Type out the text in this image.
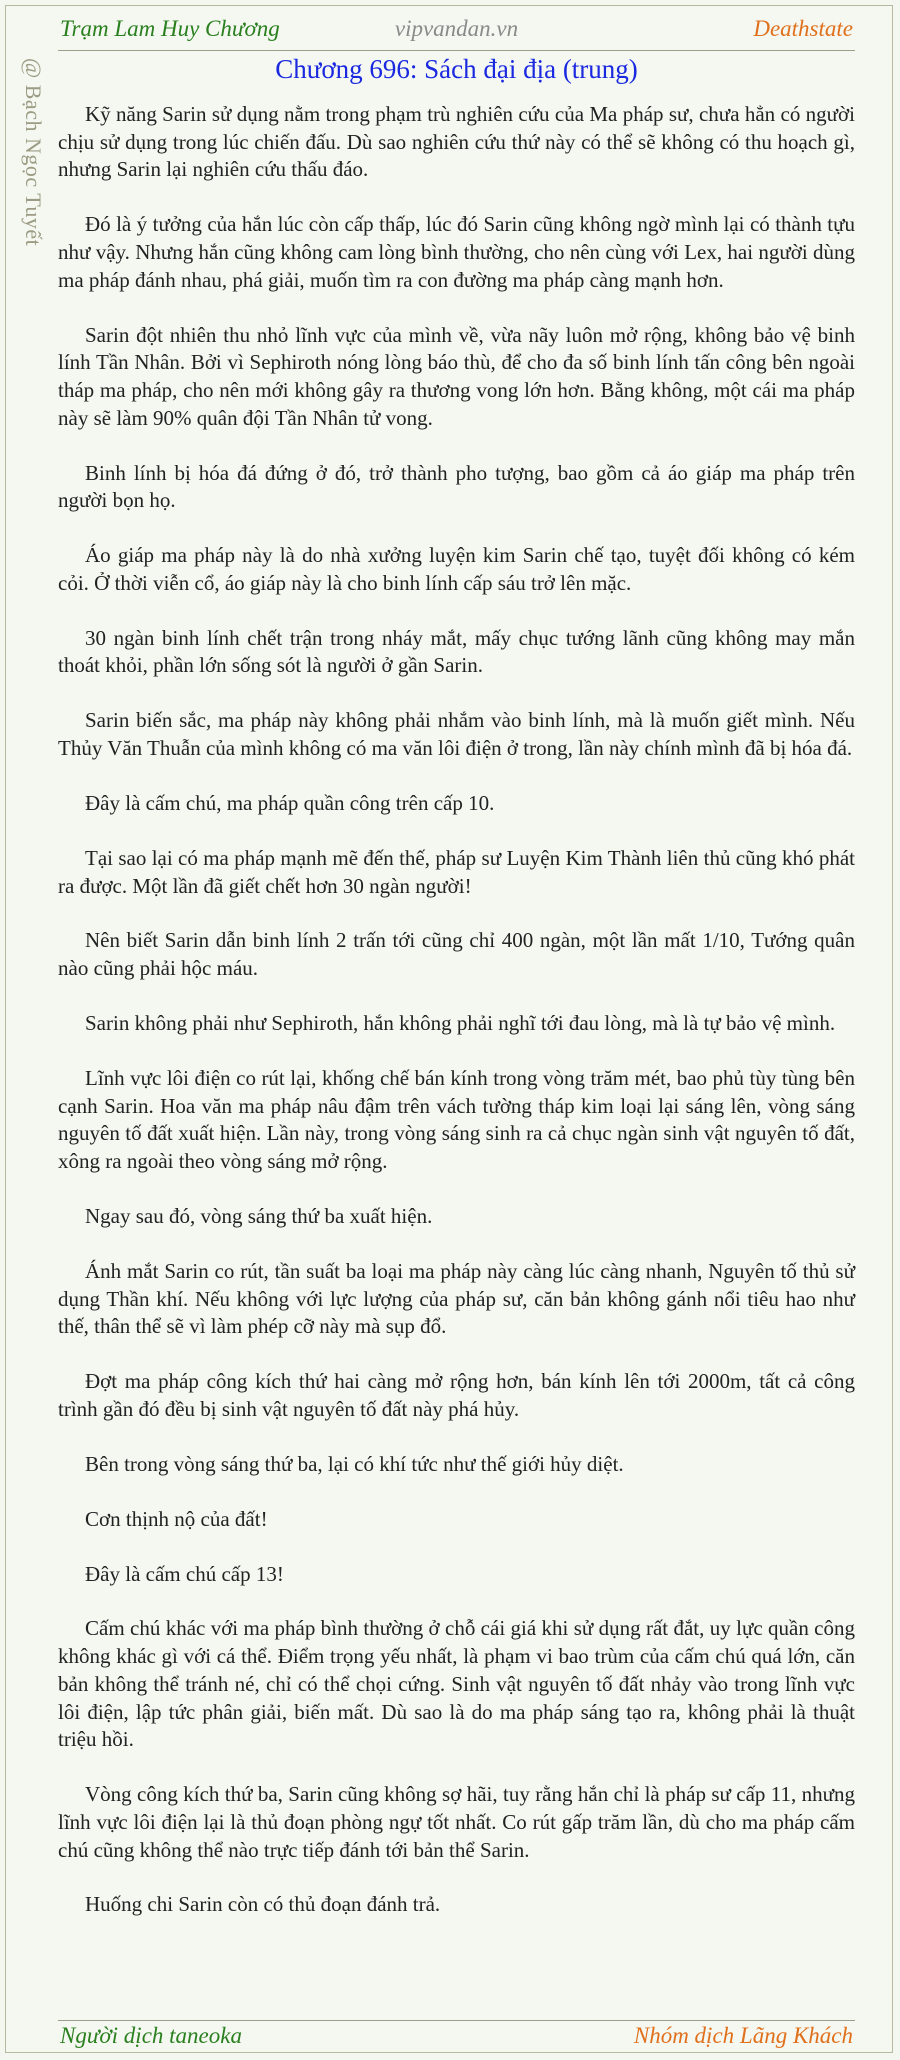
Trạm Lam Huy Chương	vipvandan.vn	Deathstate
@ Bạch Ngọc Tuyết	Chương 696: Sách đại địa (trung)

Kỹ năng Sarin sử dụng nằm trong phạm trù nghiên cứu của Ma pháp sư, chưa hẳn có người chịu sử dụng trong lúc chiến đấu. Dù sao nghiên cứu thứ này có thể sẽ không có thu hoạch gì, nhưng Sarin lại nghiên cứu thấu đáo.

Đó là ý tưởng của hắn lúc còn cấp thấp, lúc đó Sarin cũng không ngờ mình lại có thành tựu như vậy. Nhưng hắn cũng không cam lòng bình thường, cho nên cùng với Lex, hai người dùng ma pháp đánh nhau, phá giải, muốn tìm ra con đường ma pháp càng mạnh hơn.

Sarin đột nhiên thu nhỏ lĩnh vực của mình về, vừa nãy luôn mở rộng, không bảo vệ binh lính Tần Nhân. Bởi vì Sephiroth nóng lòng báo thù, để cho đa số binh lính tấn công bên ngoài tháp ma pháp, cho nên mới không gây ra thương vong lớn hơn. Bằng không, một cái ma pháp này sẽ làm 90% quân đội Tần Nhân tử vong.

Binh lính bị hóa đá đứng ở đó, trở thành pho tượng, bao gồm cả áo giáp ma pháp trên người bọn họ.

Áo giáp ma pháp này là do nhà xưởng luyện kim Sarin chế tạo, tuyệt đối không có kém cỏi. Ở thời viễn cổ, áo giáp này là cho binh lính cấp sáu trở lên mặc.

30 ngàn binh lính chết trận trong nháy mắt, mấy chục tướng lãnh cũng không may mắn thoát khỏi, phần lớn sống sót là người ở gần Sarin.

Sarin biến sắc, ma pháp này không phải nhắm vào binh lính, mà là muốn giết mình. Nếu Thủy Văn Thuẫn của mình không có ma văn lôi điện ở trong, lần này chính mình đã bị hóa đá.

Đây là cấm chú, ma pháp quần công trên cấp 10.

Tại sao lại có ma pháp mạnh mẽ đến thế, pháp sư Luyện Kim Thành liên thủ cũng khó phát ra được. Một lần đã giết chết hơn 30 ngàn người!

Nên biết Sarin dẫn binh lính 2 trấn tới cũng chỉ 400 ngàn, một lần mất 1/10, Tướng quân nào cũng phải hộc máu.

Sarin không phải như Sephiroth, hắn không phải nghĩ tới đau lòng, mà là tự bảo vệ mình.

Lĩnh vực lôi điện co rút lại, khống chế bán kính trong vòng trăm mét, bao phủ tùy tùng bên cạnh Sarin. Hoa văn ma pháp nâu đậm trên vách tường tháp kim loại lại sáng lên, vòng sáng nguyên tố đất xuất hiện. Lần này, trong vòng sáng sinh ra cả chục ngàn sinh vật nguyên tố đất, xông ra ngoài theo vòng sáng mở rộng.

Ngay sau đó, vòng sáng thứ ba xuất hiện.

Ánh mắt Sarin co rút, tần suất ba loại ma pháp này càng lúc càng nhanh, Nguyên tố thủ sử dụng Thần khí. Nếu không với lực lượng của pháp sư, căn bản không gánh nổi tiêu hao như thế, thân thể sẽ vì làm phép cỡ này mà sụp đổ.

Đợt ma pháp công kích thứ hai càng mở rộng hơn, bán kính lên tới 2000m, tất cả công trình gần đó đều bị sinh vật nguyên tố đất này phá hủy.

Bên trong vòng sáng thứ ba, lại có khí tức như thế giới hủy diệt.

Cơn thịnh nộ của đất!

Đây là cấm chú cấp 13!

Cấm chú khác với ma pháp bình thường ở chỗ cái giá khi sử dụng rất đắt, uy lực quần công không khác gì với cá thể. Điểm trọng yếu nhất, là phạm vi bao trùm của cấm chú quá lớn, căn bản không thể tránh né, chỉ có thể chọi cứng. Sinh vật nguyên tố đất nhảy vào trong lĩnh vực lôi điện, lập tức phân giải, biến mất. Dù sao là do ma pháp sáng tạo ra, không phải là thuật triệu hồi.

Vòng công kích thứ ba, Sarin cũng không sợ hãi, tuy rằng hắn chỉ là pháp sư cấp 11, nhưng lĩnh vực lôi điện lại là thủ đoạn phòng ngự tốt nhất. Co rút gấp trăm lần, dù cho ma pháp cấm chú cũng không thể nào trực tiếp đánh tới bản thể Sarin.

Huống chi Sarin còn có thủ đoạn đánh trả.

Người dịch taneoka	Nhóm dịch Lãng Khách
